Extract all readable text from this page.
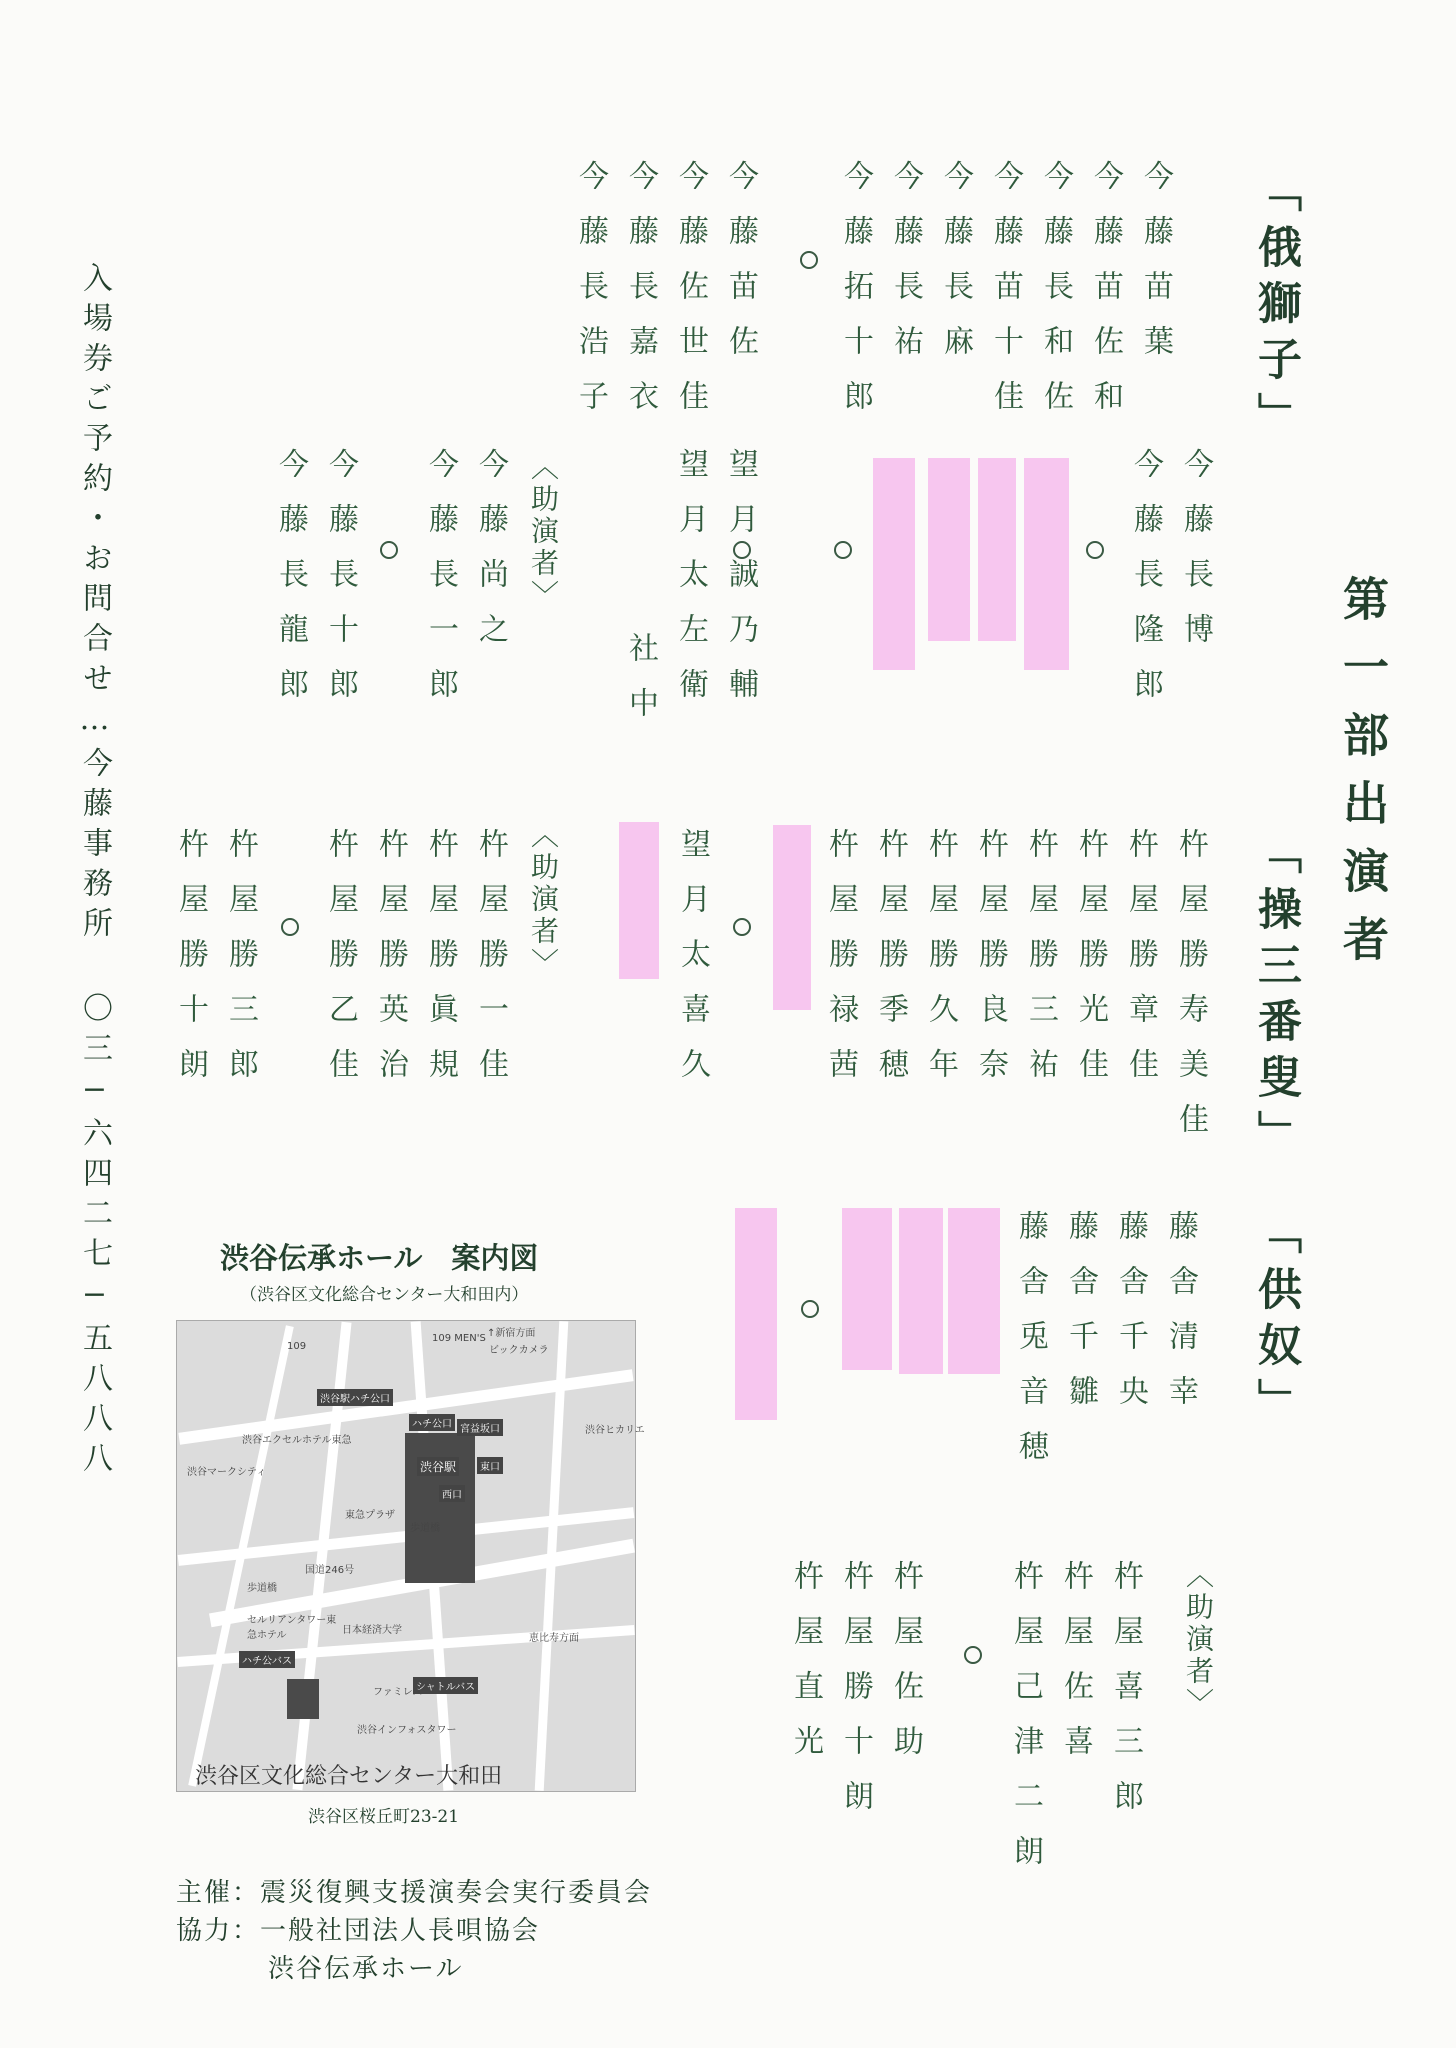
第一部出演者
入場券ご予約・お問合せ…今藤事務所 〇三−六四二七−五八八八	「俄獅子」
今藤苗葉
今藤苗佐和
今藤長和佐
今藤苗十佳
今藤長麻
今藤長祐
今藤拓十郎
今藤苗佐
今藤佐世佳
今藤長嘉衣
今藤長浩子
今藤長博
今藤長隆郎
望月誠乃輔
望月太左衛
社中
〈助演者〉
今藤尚之
今藤長一郎
今藤長十郎
今藤長龍郎
「操三番叟」
杵屋勝寿美佳
杵屋勝章佳
杵屋勝光佳
杵屋勝三祐
杵屋勝良奈
杵屋勝久年
杵屋勝季穂
杵屋勝禄茜
望月太喜久
〈助演者〉
杵屋勝一佳
杵屋勝眞規
杵屋勝英治
杵屋勝乙佳
杵屋勝三郎
杵屋勝十朗
「供奴」
藤舎清幸
藤舎千央
藤舎千雛
藤舎兎音穂
〈助演者〉
杵屋喜三郎
杵屋佐喜
杵屋己津二朗
杵屋佐助
杵屋勝十朗
杵屋直光
渋谷伝承ホール　案内図
（渋谷区文化総合センター大和田内）
109
109 MEN'S ↑新宿方面
ビックカメラ
渋谷駅ハチ公口
ハチ公口 宮益坂口	渋谷ヒカリエ
渋谷エクセルホテル東急
渋谷マークシティ	渋谷駅	東口
西口
東急プラザ
歩道橋
国道246号
歩道橋
セルリアンタワー東急ホテル	日本経済大学
ハチ公バス
シャトルバス
ファミレス
渋谷インフォスタワー
恵比寿方面
渋谷区文化総合センター大和田
渋谷区桜丘町23-21
主催：震災復興支援演奏会実行委員会
協力：一般社団法人長唄協会
渋谷伝承ホール
